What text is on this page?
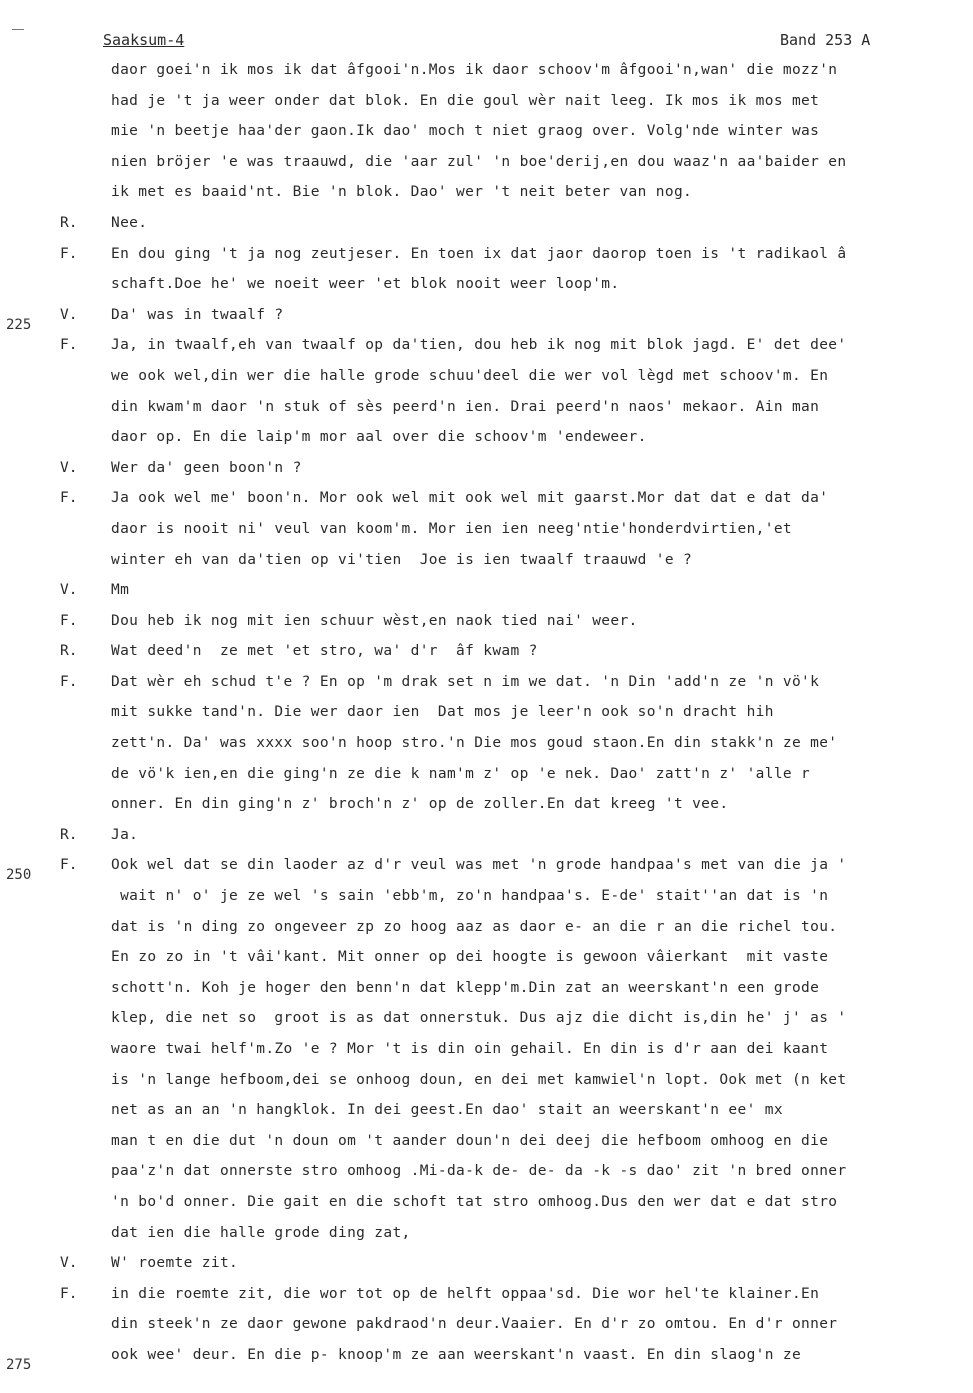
Saaksum-4	Band 253 A
daor goei'n ik mos ik dat âfgooi'n.Mos ik daor schoov'm âfgooi'n,wan' die mozz'n
had je 't ja weer onder dat blok. En die goul wèr nait leeg. Ik mos ik mos met
mie 'n beetje haa'der gaon.Ik dao' moch t niet graog over. Volg'nde winter was
nien bröjer 'e was traauwd, die 'aar zul' 'n boe'derij,en dou waaz'n aa'baider en
ik met es baaid'nt. Bie 'n blok. Dao' wer 't neit beter van nog.
R. Nee.
F. En dou ging 't ja nog zeutjeser. En toen ix dat jaor daorop toen is 't radikaol â
schaft.Doe he' we noeit weer 'et blok nooit weer loop'm.
225
V. Da' was in twaalf ?
F. Ja, in twaalf,eh van twaalf op da'tien, dou heb ik nog mit blok jagd. E' det dee'
we ook wel,din wer die halle grode schuu'deel die wer vol lègd met schoov'm. En
din kwam'm daor 'n stuk of sès peerd'n ien. Drai peerd'n naos' mekaor. Ain man
daor op. En die laip'm mor aal over die schoov'm 'endeweer.
V. Wer da' geen boon'n ?
F. Ja ook wel me' boon'n. Mor ook wel mit ook wel mit gaarst.Mor dat dat e dat da'
daor is nooit ni' veul van koom'm. Mor ien ien neeg'ntie'honderdvirtien,'et
winter eh van da'tien op vi'tien  Joe is ien twaalf traauwd 'e ?
V. Mm
F. Dou heb ik nog mit ien schuur wèst,en naok tied nai' weer.
R. Wat deed'n  ze met 'et stro, wa' d'r  âf kwam ?
F. Dat wèr eh schud t'e ? En op 'm drak set n im we dat. 'n Din 'add'n ze 'n vö'k
mit sukke tand'n. Die wer daor ien  Dat mos je leer'n ook so'n dracht hih
zett'n. Da' was xxxx soo'n hoop stro.'n Die mos goud staon.En din stakk'n ze me'
de vö'k ien,en die ging'n ze die k nam'm z' op 'e nek. Dao' zatt'n z' 'alle r
onner. En din ging'n z' broch'n z' op de zoller.En dat kreeg 't vee.
R. Ja.
250
F. Ook wel dat se din laoder az d'r veul was met 'n grode handpaa's met van die ja '
wait n' o' je ze wel 's sain 'ebb'm, zo'n handpaa's. E-de' stait''an dat is 'n
dat is 'n ding zo ongeveer zp zo hoog aaz as daor e- an die r an die richel tou.
En zo zo in 't vâi'kant. Mit onner op dei hoogte is gewoon vâierkant  mit vaste
schott'n. Koh je hoger den benn'n dat klepp'm.Din zat an weerskant'n een grode
klep, die net so  groot is as dat onnerstuk. Dus ajz die dicht is,din he' j' as '
waore twai helf'm.Zo 'e ? Mor 't is din oin gehail. En din is d'r aan dei kaant
is 'n lange hefboom,dei se onhoog doun, en dei met kamwiel'n lopt. Ook met (n ket
net as an an 'n hangklok. In dei geest.En dao' stait an weerskant'n ee' mx
man t en die dut 'n doun om 't aander doun'n dei deej die hefboom omhoog en die
paa'z'n dat onnerste stro omhoog .Mi-da-k de- de- da -k -s dao' zit 'n bred onner
'n bo'd onner. Die gait en die schoft tat stro omhoog.Dus den wer dat e dat stro
dat ien die halle grode ding zat,
V. W' roemte zit.
F. in die roemte zit, die wor tot op de helft oppaa'sd. Die wor hel'te klainer.En
din steek'n ze daor gewone pakdraod'n deur.Vaaier. En d'r zo omtou. En d'r onner
275
ook wee' deur. En die p- knoop'm ze aan weerskant'n vaast. En din slaog'n ze
